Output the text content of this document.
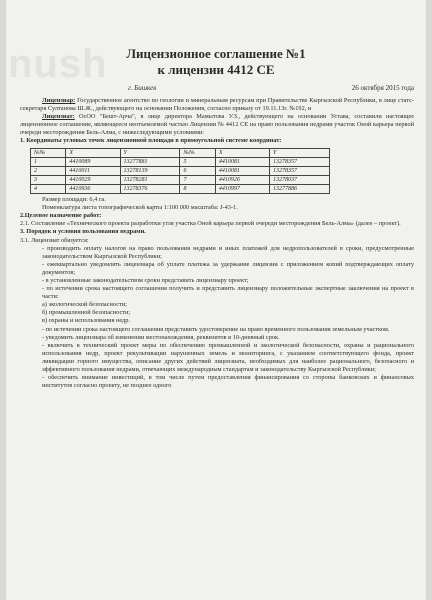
nush	Лицензионное соглашение №1
к лицензии 4412 СЕ
г. Бишкек	26 октября 2015 года

Лицензиар: Государственное агентство по геологии и минеральным ресурсам при Правительстве Кыргызской Республики, в лице статс-секретаря Султанова Ш.Ж., действующего на основании Положения, согласно приказу от 19.11.13г. №192, и

Лицензиат: ОсОО "Бешт-Арча", в лице директора Мамытова У.З., действующего на основании Устава, составили настоящее лицензионное соглашение, являющееся неотъемлемой частью Лицензии № 4412 СЕ на право пользования недрами участок Оной карьера первой очереди месторождения Бель-Алма, с нижеследующими условиями:

1. Координаты угловых точек лицензионной площади в прямоугольной системе координат:

№№	X	Y	№№	X	Y
1	4410089	13277881	5	4410081	13278357
2	4410011	13278139	6	4410081	13278357
3	4410029	13278281	7	4410926	13278037
4	4410936	13278376	8	4410997	13277886

Размер площади: 6,4 га.

Номенклатура листа топографической карты 1:100 000 масштаба: J-43-1.

2.Целевое назначение работ:

2.1. Составление «Технического проекта разработки угля участка Оной карьера первой очереди месторождения Бель-Алма» (далее – проект).

3. Порядок и условия пользования недрами.

3.1. Лицензиат обязуется:

- производить оплату налогов на право пользования недрами и иных платежей для недропользователей в сроки, предусмотренные законодательством Кыргызской Республики;

- ежеквартально уведомлять лицензиара об уплате платежа за удержание лицензии с приложением копий подтверждающих оплату документов;

- в установленные законодательством сроки представить лицензиару проект;

- по истечении срока настоящего соглашения получить и представить лицензиару положительные экспертные заключения на проект в части:

а) экологической безопасности;

б) промышленной безопасности;

в) охраны и использования недр.

- по истечении срока настоящего соглашения представить удостоверение на право временного пользования земельным участком.

- уведомить лицензиара об изменении местонахождения, реквизитов в 10-дневный срок.

- включить в технический проект меры по обеспечению промышленной и экологической безопасности, охраны и рационального использования недр, проект рекультивации нарушенных земель и мониторинга, с указанием соответствующего фонда, проект ликвидации горного имущества, описание других действий лицензиата, необходимых для наиболее рационального, безопасного и эффективного пользования недрами, отвечающих международным стандартам и законодательству Кыргызской Республики;

- обеспечить внимание инвестиций, в том числе путем предоставления финансирования со стороны банковских и финансовых институтов согласно проекту, не позднее одного
